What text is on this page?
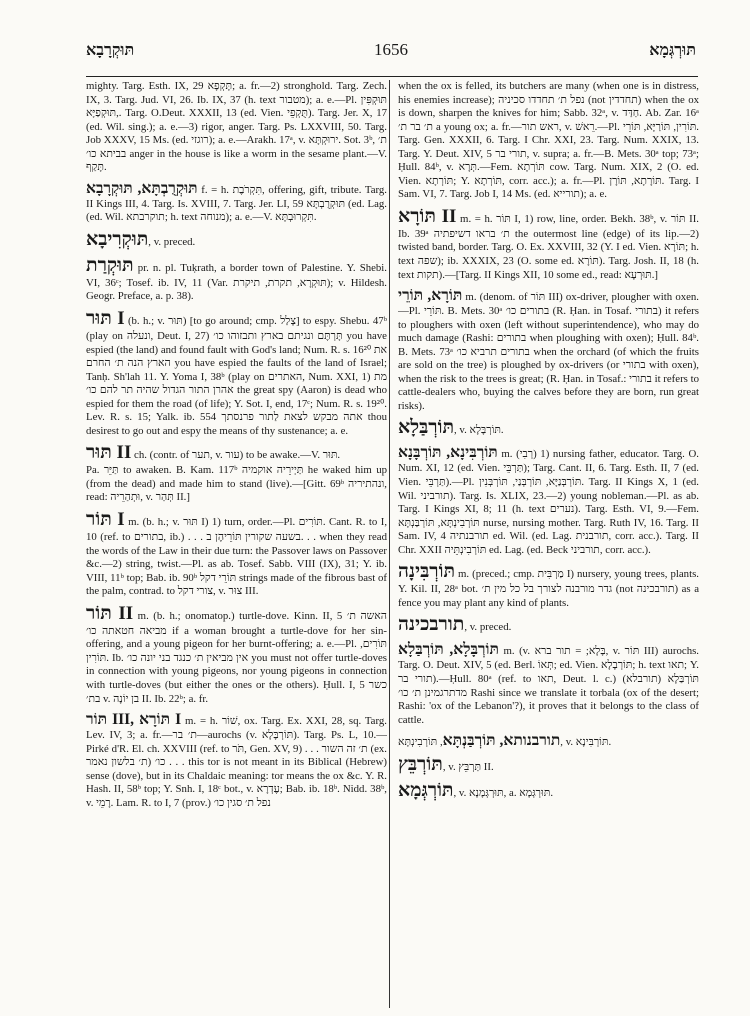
תּוּקְרָבָא	1656	תּוּרְגְּמָא

mighty. Targ. Esth. IX, 29 תָּקְפָא; a. fr.—2) stronghold. Targ. Zech. IX, 3. Targ. Jud. VI, 26. Ib. IX, 37 (h. text מטבור); a. e.—Pl. תּוּקְפִּין ,תּוּקְפַיָּא. Targ. O.Deut. XXXII, 13 (ed. Vien. תֻּקְפֵי). Targ. Jer. X, 17 (ed. Wil. sing.); a. e.—3) rigor, anger. Targ. Ps. LXXVIII, 50. Targ. Job XXXV, 15 Ms. (ed. רוגזי); a. e.—Arakh. 17ᵃ, v. ירוּקְתָּא. Sot. 3ᵇ, ת׳ בביתא כו׳ anger in the house is like a worm in the sesame plant.—V. תָּקַף.

תּוּקְרֻבְתָּא, תּוּקְרָבָא f. = h. תִּקְרֹבֶת, offering, gift, tribute. Targ. II Kings III, 4. Targ. Is. XVIII, 7. Targ. Jer. LI, 59 תּוּקְרֻבְתָּא (ed. Lag. (ed. Wil. תוקרבתא; h. text מנוחה); a. e.—V. תִּקְרוּבְתָּא.

תּוּקְרִיבָא, v. preced.

תּוּקְרַת pr. n. pl. Tuḳrath, a border town of Palestine. Y. Shebi. VI, 36ᶜ; Tosef. ib. IV, 11 (Var. תּוּקְרָא, תקרת, תיקרת); v. Hildesh. Geogr. Preface, a. p. 38).

תּוּר I (b. h.; v. תּוּר) [to go around; cmp. צָלַל] to espy. Shebu. 47ᵇ (play on ונעלה, Deut. I, 27) תָּרְתֶּם ונגיתם בארץ ותבזוהו כו׳ you have espied (the land) and found fault with God's land; Num. R. s. 16²⁰ את הארץ הנה ת׳ החרם you have espied the faults of the land of Israel; Tanḥ. Sh'lah 11. Y. Yoma I, 38ᵇ (play on האתרים, Num. XXI, 1) מת אהרן התור הגדול שהיה תר להם כו׳ the great spy (Aaron) is dead who espied for them the road (of life); Y. Sot. I, end, 17ᶜ; Num. R. s. 19²⁰. Lev. R. s. 15; Yalk. ib. 554 אתה מבקש לצאת לַתור פרנסתך thou desirest to go out and espy the means of thy sustenance; a. e.

תּוּר II ch. (contr. of תער, v. עור) to be awake.—V. תּוּר.

Pa. תַּיֵּר to awaken. B. Kam. 117ᵇ תַּיְירֵיה אוקמיה he waked him up (from the dead) and made him to stand (live).—[Gitt. 69ᵇ ונהתיריה, read: וּתְהַרֵיה, v. תְּהַר II.]

תּוֹר I m. (b. h.; v. תּוּר I) 1) turn, order.—Pl. תּוֹרִים. Cant. R. to I, 10 (ref. to בתורים, ib.) . . . בשעה שקורין תּוֹרֵיהֶן ב. . . when they read the words of the Law in their due turn: the Passover laws on Passover &c.—2) string, twist.—Pl. as ab. Tosef. Sabb. VIII (IX), 31; Y. ib. VIII, 11ᵇ top; Bab. ib. 90ᵇ תּוֹרֵי דקל strings made of the fibrous bast of the palm, contrad. to צורי דקל, v. צוּר III.

תּוֹר II m. (b. h.; onomatop.) turtle-dove. Kinn. II, 5 האשה ת׳ מביאה חטאתה כו׳ if a woman brought a turtle-dove for her sin-offering, and a young pigeon for her burnt-offering; a. e.—Pl. תּוֹרִים, תּוֹרִין. Ib. אין מביאין ת׳ כנגד בני יונה כו׳ you must not offer turtle-doves in connection with young pigeons, nor young pigeons in connection with turtle-doves (but either the ones or the others). Ḥull. I, 5 כשר בת׳ v. בן יוֹנָה II. Ib. 22ᵇ; a. fr.

תּוֹר III, תּוֹרָא I m. = h. שׁוֹר, ox. Targ. Ex. XXI, 28, sq. Targ. Lev. IV, 3; a. fr.—ת׳ בר—aurochs (v. תּוֹרְבָּלָא). Targ. Ps. L, 10.—Pirké d'R. El. ch. XXVIII (ref. to תֹּר, Gen. XV, 9) . . . ת׳ זה השור (ex. ת׳ בלשון נאמר) כו׳ . . . this tor is not meant in its Biblical (Hebrew) sense (dove), but in its Chaldaic meaning: tor means the ox &c. Y. R. Hash. II, 58ᵇ top; Y. Snh. I, 18ᶜ bot., v. עֶדְרָא; Bab. ib. 18ᵇ. Nidd. 38ᵇ, v. רָמֵי. Lam. R. to I, 7 (prov.) נפל ת׳ סגין כו׳

when the ox is felled, its butchers are many (when one is in distress, his enemies increase); נפל ת׳ תחדדו סכיניה (not תחדדין) when the ox is down, sharpen the knives for him; Sabb. 32ᵃ, v. חַדַּד. Ab. Zar. 16ᵃ ת׳ בר ת׳ a young ox; a. fr.—ראש תור, v. רֵאשׁ.—Pl. תּוֹרִין, תּוֹרַיָּא, תּוֹרֵי. Targ. Gen. XXXII, 6. Targ. I Chr. XXI, 23. Targ. Num. XXIX, 13. Targ. Y. Deut. XIV, 5 תורי בר, v. supra; a. fr.—B. Mets. 30ᵃ top; 73ᵃ; Ḥull. 84ᵇ, v. תְּרָא.—Fem. תּוֹרְתָא cow. Targ. Num. XIX, 2 (O. ed. Vien. תּוֹרְתָא; Y. תּוֹרְתָא, corr. acc.); a. fr.—Pl. תּוֹרָתָא, תּוֹרָן. Targ. I Sam. VI, 7. Targ. Job I, 14 Ms. (ed. תורייא); a. e.

תּוֹרָא II m. = h. תּוֹר I, 1) row, line, order. Bekh. 38ᵇ, v. תּוֹר II. Ib. 39ᵃ ת׳ בראו דשיפתיה the outermost line (edge) of its lip.—2) twisted band, border. Targ. O. Ex. XXVIII, 32 (Y. I ed. Vien. תּוֹרָא; h. text שפה); ib. XXXIX, 23 (O. some ed. תּוֹרָא). Targ. Josh. II, 18 (h. text תקות).—[Targ. II Kings XII, 10 some ed., read: תּוּרְעָא.]

תּוֹרָא, תּוֹרֵי m. (denom. of תּוֹר III) ox-driver, plougher with oxen.—Pl. תּוֹרֵי. B. Mets. 30ᵃ בתורים כו׳ (R. Ḥan. in Tosaf. בתורי) it refers to ploughers with oxen (left without superintendence), who may do much damage (Rashi: בתורים when ploughing with oxen); Ḥull. 84ᵇ. B. Mets. 73ᵃ בתורים תרביא כו׳ when the orchard (of which the fruits are sold on the tree) is ploughed by ox-drivers (or בתורי with oxen), when the risk to the trees is great; (R. Ḥan. in Tosaf.: בתורי it refers to cattle-dealers who, buying the calves before they are born, run great risks).

תּוֹרְבַּלָא, v. תּוֹרְבָּלָא.

תּוֹרְבִּינָא, תּוֹרְבָּנָא m. (רְבִי) 1) nursing father, educator. Targ. O. Num. XI, 12 (ed. Vien. תַּרְבֵּי); Targ. Cant. II, 6. Targ. Esth. II, 7 (ed. Vien. תַּרְבֵּי).—Pl. תּוֹרְבְּנַיָּא, תּוֹרְבְּנַי, תּוֹרְבְּנִין. Targ. II Kings X, 1 (ed. Wil. תורביני). Targ. Is. XLIX, 23.—2) young nobleman.—Pl. as ab. Targ. I Kings XI, 8; 11 (h. text נערים). Targ. Esth. VI, 9.—Fem. תּוֹרְבִינְתָּא, תּוֹרְבַּנְתָּא nurse, nursing mother. Targ. Ruth IV, 16. Targ. II Sam. IV, 4 תורבנתיה ed. Wil. (ed. Lag. תורבנית, corr. acc.). Targ. II Chr. XXII תּוֹרְבִינְתֵּיה ed. Lag. (ed. Beck תורביני, corr. acc.).

תּוֹרְבִּינָה m. (preced.; cmp. מַרְבִּית I) nursery, young trees, plants. Y. Kil. II, 28ᵃ bot. גדר מורבנה לצורך בל כל מין ת׳ (not תורבכינה) as a fence you may plant any kind of plants.

תורבכינה, v. preced.

תּוֹרְבָּלָא, תּוֹרְבַּלָא m. (v. בָּלָא; = תור ברא, v. תּוֹר III) aurochs. Targ. O. Deut. XIV, 5 (ed. Berl. תְּאוֹ; ed. Vien. תּוֹרְבָלָא; h. text תאו; Y. תורי בר).—Ḥull. 80ᵃ (ref. to תאו, Deut. l. c.) (תורבלא) תּוֹרְבַּלָא מדתרגמינן ת׳ כו׳ Rashi since we translate it torbala (ox of the desert; Rashi: 'ox of the Lebanon'?), it proves that it belongs to the class of cattle.

תורבנותא, תּוֹרְבַּנְתָּא, תּוֹרְבִינְתָּא, v. תּוֹרְבִּינָא.

תּוֹרְבֵּץ, v. תַּרְבֵּץ II.

תּוֹרְגְּמָא, v. תּוּרְגְּמָנָא, a. תּוּרְגְּמָא.
